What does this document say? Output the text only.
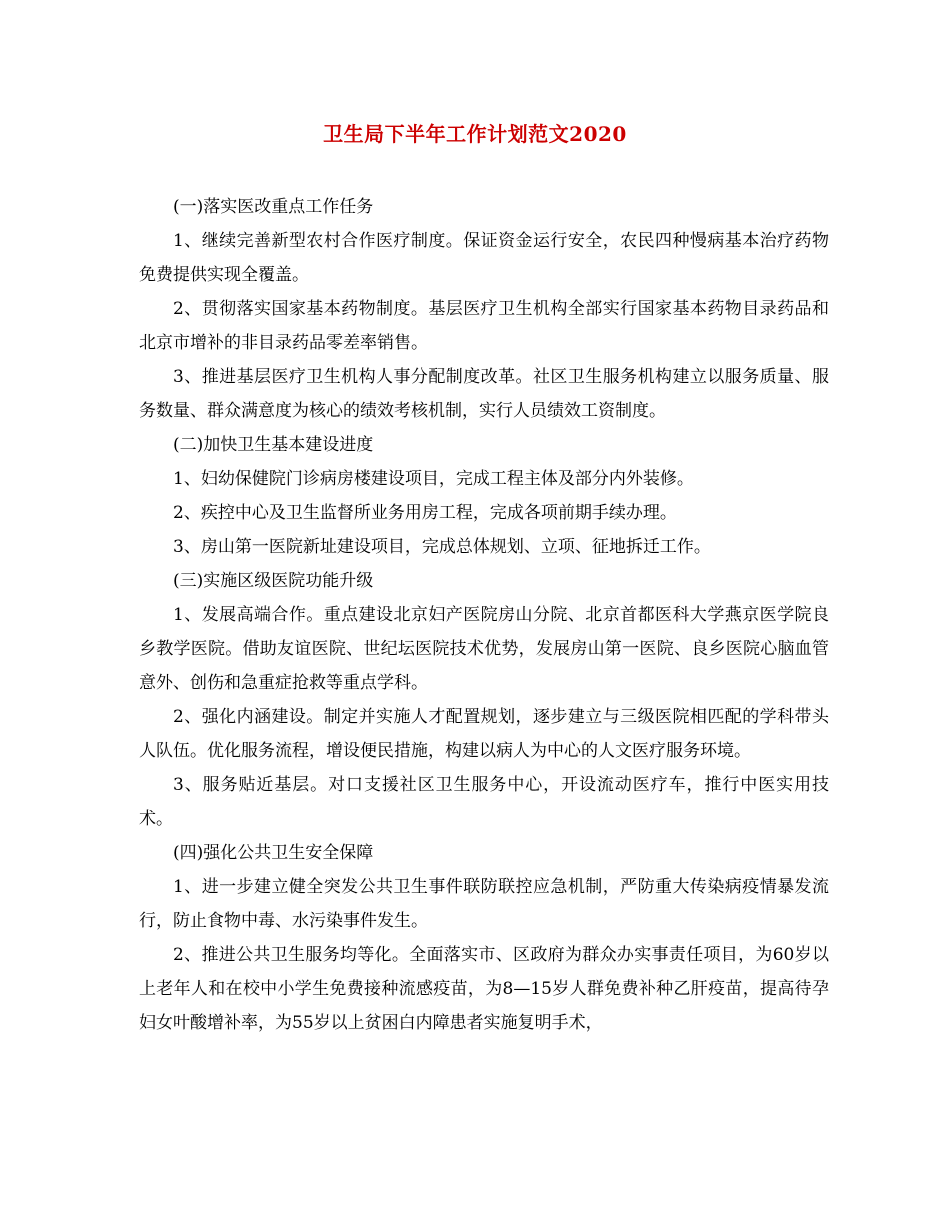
卫生局下半年工作计划范文2020

(一)落实医改重点工作任务

1、继续完善新型农村合作医疗制度。保证资金运行安全，农民四种慢病基本治疗药物免费提供实现全覆盖。

2、贯彻落实国家基本药物制度。基层医疗卫生机构全部实行国家基本药物目录药品和北京市增补的非目录药品零差率销售。

3、推进基层医疗卫生机构人事分配制度改革。社区卫生服务机构建立以服务质量、服务数量、群众满意度为核心的绩效考核机制，实行人员绩效工资制度。

(二)加快卫生基本建设进度

1、妇幼保健院门诊病房楼建设项目，完成工程主体及部分内外装修。

2、疾控中心及卫生监督所业务用房工程，完成各项前期手续办理。

3、房山第一医院新址建设项目，完成总体规划、立项、征地拆迁工作。

(三)实施区级医院功能升级

1、发展高端合作。重点建设北京妇产医院房山分院、北京首都医科大学燕京医学院良乡教学医院。借助友谊医院、世纪坛医院技术优势，发展房山第一医院、良乡医院心脑血管意外、创伤和急重症抢救等重点学科。

2、强化内涵建设。制定并实施人才配置规划，逐步建立与三级医院相匹配的学科带头人队伍。优化服务流程，增设便民措施，构建以病人为中心的人文医疗服务环境。

3、服务贴近基层。对口支援社区卫生服务中心，开设流动医疗车，推行中医实用技术。

(四)强化公共卫生安全保障

1、进一步建立健全突发公共卫生事件联防联控应急机制，严防重大传染病疫情暴发流行，防止食物中毒、水污染事件发生。

2、推进公共卫生服务均等化。全面落实市、区政府为群众办实事责任项目，为60岁以上老年人和在校中小学生免费接种流感疫苗，为8—15岁人群免费补种乙肝疫苗，提高待孕妇女叶酸增补率，为55岁以上贫困白内障患者实施复明手术，
